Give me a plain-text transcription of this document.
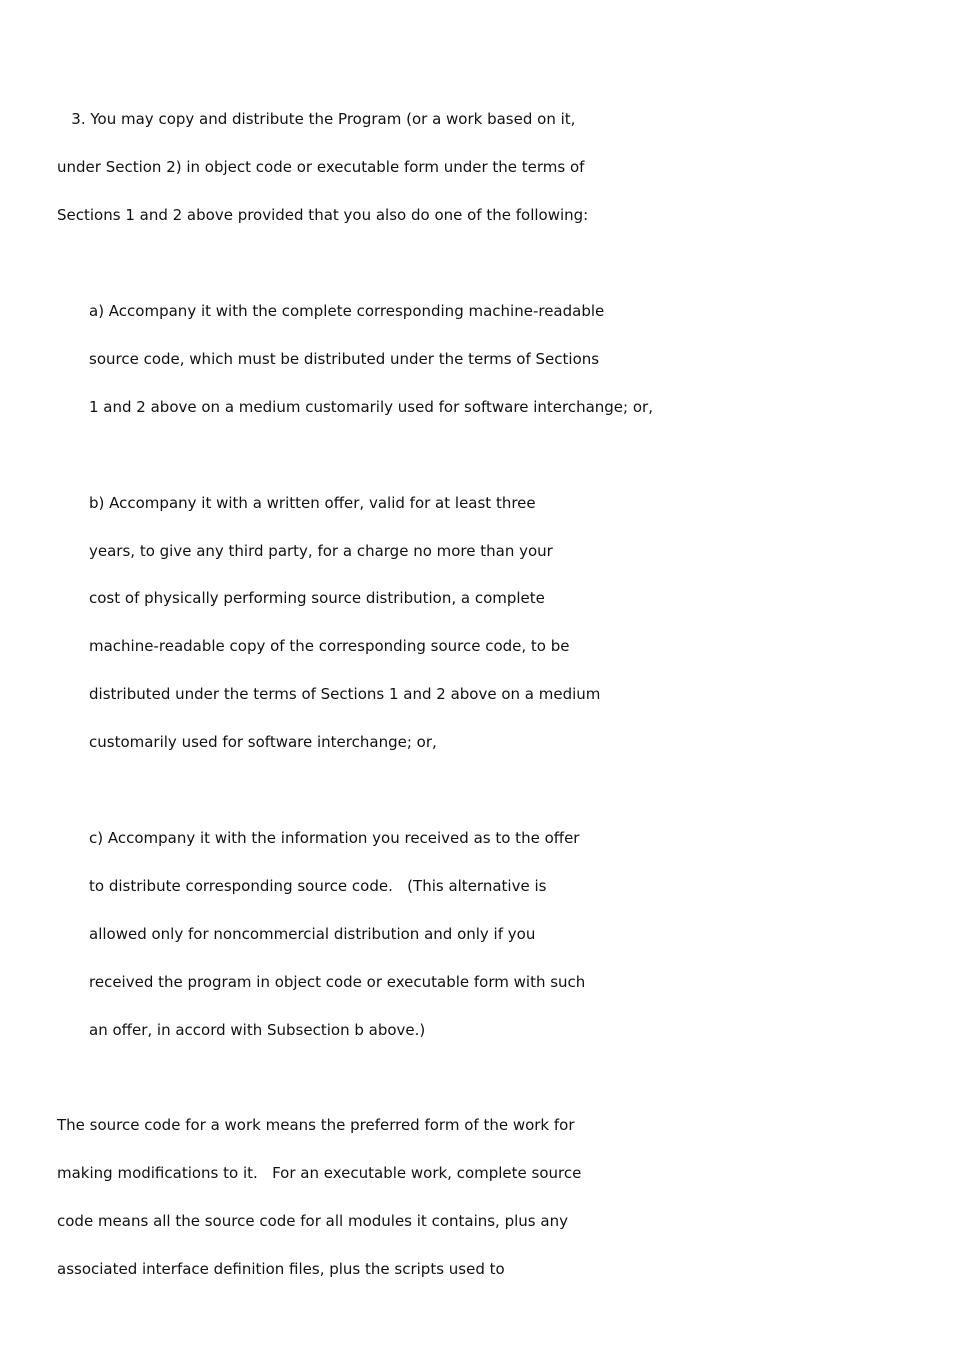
3. You may copy and distribute the Program (or a work based on it,
under Section 2) in object code or executable form under the terms of
Sections 1 and 2 above provided that you also do one of the following:
a) Accompany it with the complete corresponding machine-readable
source code, which must be distributed under the terms of Sections
1 and 2 above on a medium customarily used for software interchange; or,
b) Accompany it with a written offer, valid for at least three
years, to give any third party, for a charge no more than your
cost of physically performing source distribution, a complete
machine-readable copy of the corresponding source code, to be
distributed under the terms of Sections 1 and 2 above on a medium
customarily used for software interchange; or,
c) Accompany it with the information you received as to the offer
to distribute corresponding source code.   (This alternative is
allowed only for noncommercial distribution and only if you
received the program in object code or executable form with such
an offer, in accord with Subsection b above.)
The source code for a work means the preferred form of the work for
making modifications to it.   For an executable work, complete source
code means all the source code for all modules it contains, plus any
associated interface definition files, plus the scripts used to
